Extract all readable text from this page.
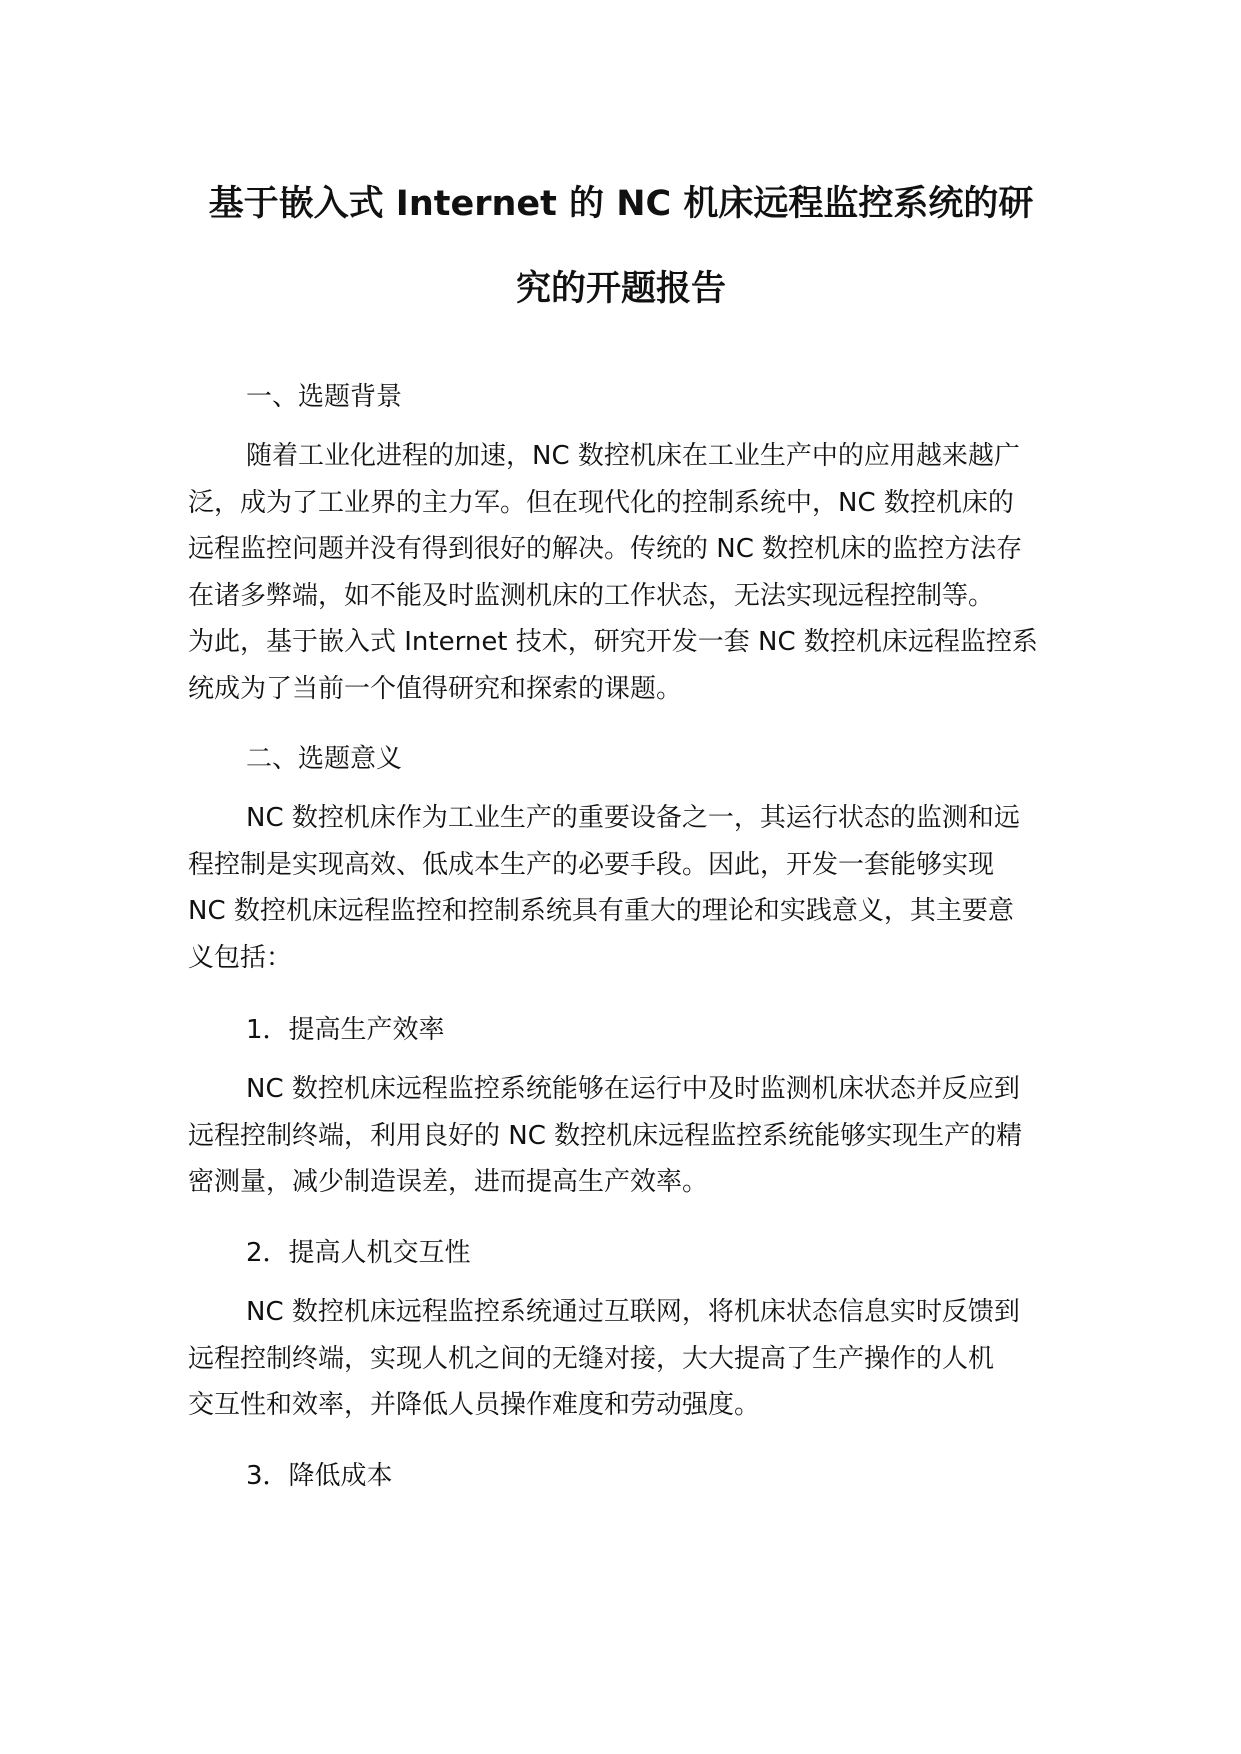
基于嵌入式 Internet 的 NC 机床远程监控系统的研
究的开题报告
一、选题背景
随着工业化进程的加速，NC 数控机床在工业生产中的应用越来越广
泛，成为了工业界的主力军。但在现代化的控制系统中，NC 数控机床的
远程监控问题并没有得到很好的解决。传统的 NC 数控机床的监控方法存
在诸多弊端，如不能及时监测机床的工作状态，无法实现远程控制等。
为此，基于嵌入式 Internet 技术，研究开发一套 NC 数控机床远程监控系
统成为了当前一个值得研究和探索的课题。
二、选题意义
NC 数控机床作为工业生产的重要设备之一，其运行状态的监测和远
程控制是实现高效、低成本生产的必要手段。因此，开发一套能够实现
NC 数控机床远程监控和控制系统具有重大的理论和实践意义，其主要意
义包括：
1．提高生产效率
NC 数控机床远程监控系统能够在运行中及时监测机床状态并反应到
远程控制终端，利用良好的 NC 数控机床远程监控系统能够实现生产的精
密测量，减少制造误差，进而提高生产效率。
2．提高人机交互性
NC 数控机床远程监控系统通过互联网，将机床状态信息实时反馈到
远程控制终端，实现人机之间的无缝对接，大大提高了生产操作的人机
交互性和效率，并降低人员操作难度和劳动强度。
3．降低成本
